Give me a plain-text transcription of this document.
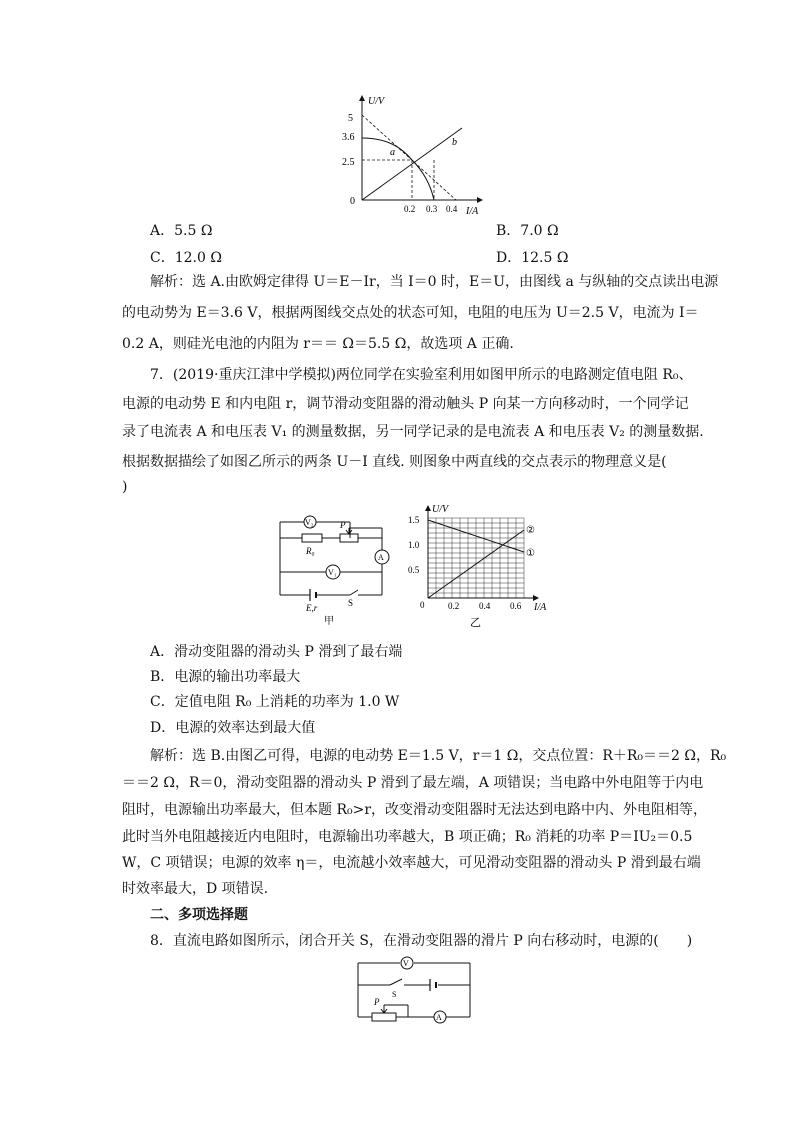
U/V
I/A
5
3.6
2.5
0
0.2 0.3 0.4
a
b
A．5.5 Ω	B．7.0 Ω
C．12.0 Ω	D．12.5 Ω
解析：选 A.由欧姆定律得 U＝E－Ir，当 I＝0 时，E＝U，由图线 a 与纵轴的交点读出电源
的电动势为 E＝3.6 V，根据两图线交点处的状态可知，电阻的电压为 U＝2.5 V，电流为 I＝
0.2 A，则硅光电池的内阻为 r＝＝ Ω＝5.5 Ω，故选项 A 正确.
7．(2019·重庆江津中学模拟)两位同学在实验室利用如图甲所示的电路测定值电阻 R₀、
电源的电动势 E 和内电阻 r，调节滑动变阻器的滑动触头 P 向某一方向移动时，一个同学记
录了电流表 A 和电压表 V₁ 的测量数据，另一同学记录的是电流表 A 和电压表 V₂ 的测量数据.
根据数据描绘了如图乙所示的两条 U－I 直线. 则图象中两直线的交点表示的物理意义是(
)
V₂
V₁
A
P
R₀
E,r	S
甲
U/V
I/A
1.5
1.0
0.5
0	0.2 0.4 0.6
②
①
乙
A．滑动变阻器的滑动头 P 滑到了最右端
B．电源的输出功率最大
C．定值电阻 R₀ 上消耗的功率为 1.0 W
D．电源的效率达到最大值
解析：选 B.由图乙可得，电源的电动势 E＝1.5 V，r＝1 Ω，交点位置：R＋R₀＝＝2 Ω，R₀
＝＝2 Ω，R＝0，滑动变阻器的滑动头 P 滑到了最左端，A 项错误；当电路中外电阻等于内电
阻时，电源输出功率最大，但本题 R₀>r，改变滑动变阻器时无法达到电路中内、外电阻相等，
此时当外电阻越接近内电阻时，电源输出功率越大，B 项正确；R₀ 消耗的功率 P＝IU₂＝0.5
W，C 项错误；电源的效率 η＝，电流越小效率越大，可见滑动变阻器的滑动头 P 滑到最右端
时效率最大，D 项错误.
二、多项选择题
8．直流电路如图所示，闭合开关 S，在滑动变阻器的滑片 P 向右移动时，电源的(　　)
V
A
S
P
